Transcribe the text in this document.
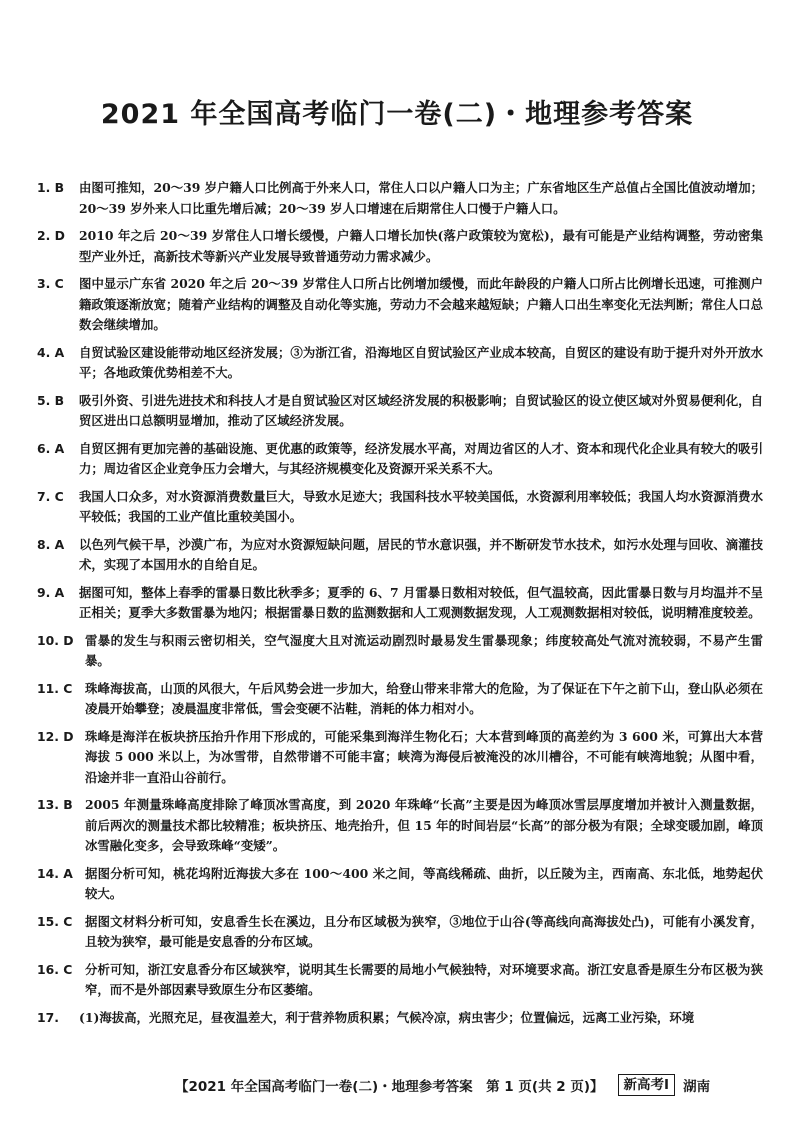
2021 年全国高考临门一卷(二)・地理参考答案
1. B	由图可推知，20～39 岁户籍人口比例高于外来人口，常住人口以户籍人口为主；广东省地区生产总值占全国比值波动增加；20～39 岁外来人口比重先增后减；20～39 岁人口增速在后期常住人口慢于户籍人口。
2. D	2010 年之后 20～39 岁常住人口增长缓慢，户籍人口增长加快(落户政策较为宽松)，最有可能是产业结构调整，劳动密集型产业外迁，高新技术等新兴产业发展导致普通劳动力需求减少。
3. C	图中显示广东省 2020 年之后 20～39 岁常住人口所占比例增加缓慢，而此年龄段的户籍人口所占比例增长迅速，可推测户籍政策逐渐放宽；随着产业结构的调整及自动化等实施，劳动力不会越来越短缺；户籍人口出生率变化无法判断；常住人口总数会继续增加。
4. A	自贸试验区建设能带动地区经济发展；③为浙江省，沿海地区自贸试验区产业成本较高，自贸区的建设有助于提升对外开放水平；各地政策优势相差不大。
5. B	吸引外资、引进先进技术和科技人才是自贸试验区对区域经济发展的积极影响；自贸试验区的设立使区域对外贸易便利化，自贸区进出口总额明显增加，推动了区域经济发展。
6. A	自贸区拥有更加完善的基础设施、更优惠的政策等，经济发展水平高，对周边省区的人才、资本和现代化企业具有较大的吸引力；周边省区企业竞争压力会增大，与其经济规模变化及资源开采关系不大。
7. C	我国人口众多，对水资源消费数量巨大，导致水足迹大；我国科技水平较美国低，水资源利用率较低；我国人均水资源消费水平较低；我国的工业产值比重较美国小。
8. A	以色列气候干旱，沙漠广布，为应对水资源短缺问题，居民的节水意识强，并不断研发节水技术，如污水处理与回收、滴灌技术，实现了本国用水的自给自足。
9. A	据图可知，整体上春季的雷暴日数比秋季多；夏季的 6、7 月雷暴日数相对较低，但气温较高，因此雷暴日数与月均温并不呈正相关；夏季大多数雷暴为地闪；根据雷暴日数的监测数据和人工观测数据发现，人工观测数据相对较低，说明精准度较差。
10. D 雷暴的发生与积雨云密切相关，空气湿度大且对流运动剧烈时最易发生雷暴现象；纬度较高处气流对流较弱，不易产生雷暴。
11. C	珠峰海拔高，山顶的风很大，午后风势会进一步加大，给登山带来非常大的危险，为了保证在下午之前下山，登山队必须在凌晨开始攀登；凌晨温度非常低，雪会变硬不沾鞋，消耗的体力相对小。
12. D 珠峰是海洋在板块挤压抬升作用下形成的，可能采集到海洋生物化石；大本营到峰顶的高差约为 3 600 米，可算出大本营海拔 5 000 米以上，为冰雪带，自然带谱不可能丰富；峡湾为海侵后被淹没的冰川槽谷，不可能有峡湾地貌；从图中看，沿途并非一直沿山谷前行。
13. B 2005 年测量珠峰高度排除了峰顶冰雪高度，到 2020 年珠峰“长高”主要是因为峰顶冰雪层厚度增加并被计入测量数据，前后两次的测量技术都比较精准；板块挤压、地壳抬升，但 15 年的时间岩层“长高”的部分极为有限；全球变暖加剧，峰顶冰雪融化变多，会导致珠峰“变矮”。
14. A 据图分析可知，桃花坞附近海拔大多在 100～400 米之间，等高线稀疏、曲折，以丘陵为主，西南高、东北低，地势起伏较大。
15. C	据图文材料分析可知，安息香生长在溪边，且分布区域极为狭窄，③地位于山谷(等高线向高海拔处凸)，可能有小溪发育，且较为狭窄，最可能是安息香的分布区域。
16. C	分析可知，浙江安息香分布区域狭窄，说明其生长需要的局地小气候独特，对环境要求高。浙江安息香是原生分布区极为狭窄，而不是外部因素导致原生分布区萎缩。
17.	(1)海拔高，光照充足，昼夜温差大，利于营养物质积累；气候冷凉，病虫害少；位置偏远，远离工业污染，环境
【2021 年全国高考临门一卷(二)・地理参考答案　第 1 页(共 2 页)】	新高考Ⅰ	湖南
